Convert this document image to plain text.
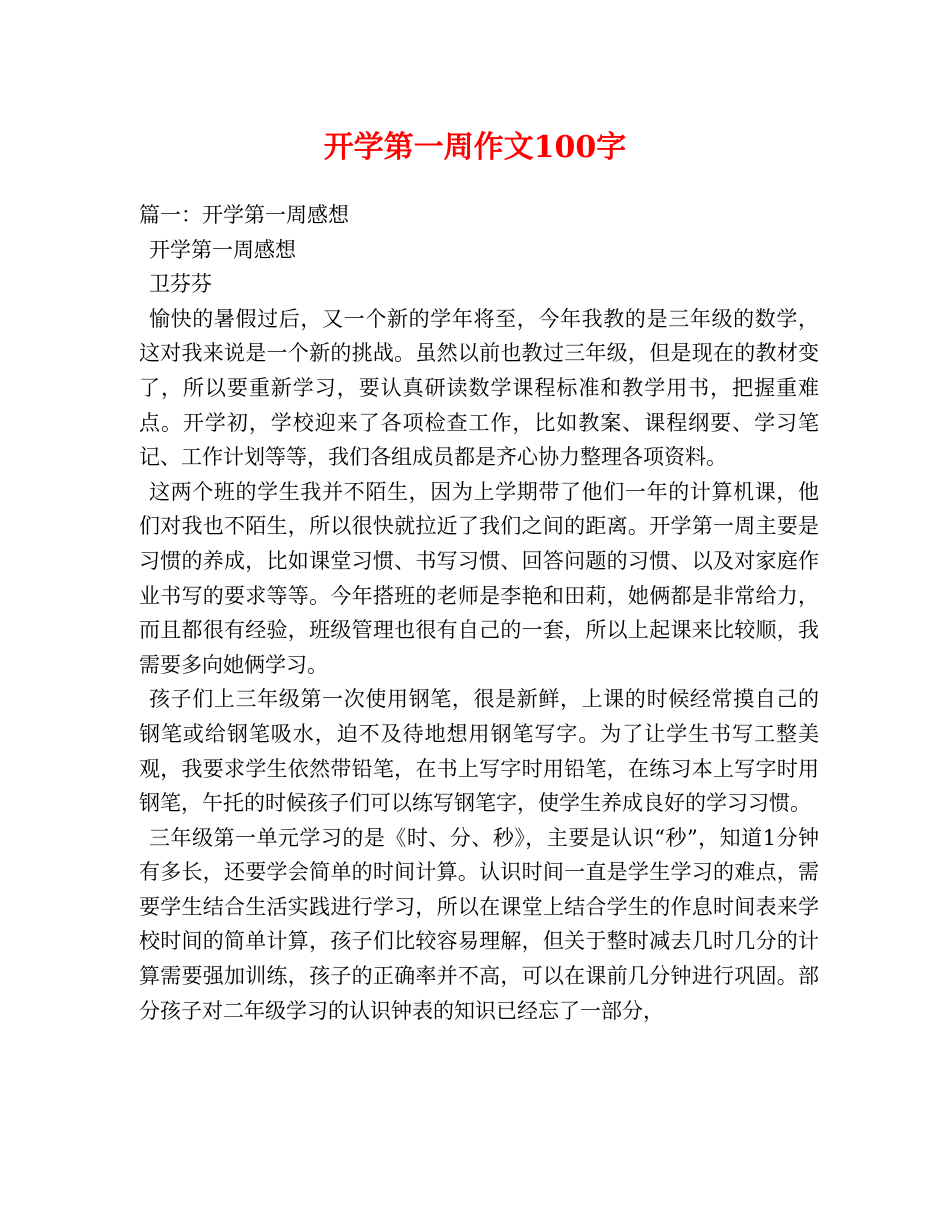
开学第一周作文100字

篇一：开学第一周感想

开学第一周感想

卫芬芬

愉快的暑假过后，又一个新的学年将至，今年我教的是三年级的数学，这对我来说是一个新的挑战。虽然以前也教过三年级，但是现在的教材变了，所以要重新学习，要认真研读数学课程标准和教学用书，把握重难点。开学初，学校迎来了各项检查工作，比如教案、课程纲要、学习笔记、工作计划等等，我们各组成员都是齐心协力整理各项资料。

这两个班的学生我并不陌生，因为上学期带了他们一年的计算机课，他们对我也不陌生，所以很快就拉近了我们之间的距离。开学第一周主要是习惯的养成，比如课堂习惯、书写习惯、回答问题的习惯、以及对家庭作业书写的要求等等。今年搭班的老师是李艳和田莉，她俩都是非常给力，而且都很有经验，班级管理也很有自己的一套，所以上起课来比较顺，我需要多向她俩学习。

孩子们上三年级第一次使用钢笔，很是新鲜，上课的时候经常摸自己的钢笔或给钢笔吸水，迫不及待地想用钢笔写字。为了让学生书写工整美观，我要求学生依然带铅笔，在书上写字时用铅笔，在练习本上写字时用钢笔，午托的时候孩子们可以练写钢笔字，使学生养成良好的学习习惯。

三年级第一单元学习的是《时、分、秒》，主要是认识“秒”，知道1分钟有多长，还要学会简单的时间计算。认识时间一直是学生学习的难点，需要学生结合生活实践进行学习，所以在课堂上结合学生的作息时间表来学校时间的简单计算，孩子们比较容易理解，但关于整时减去几时几分的计算需要强加训练，孩子的正确率并不高，可以在课前几分钟进行巩固。部分孩子对二年级学习的认识钟表的知识已经忘了一部分，
